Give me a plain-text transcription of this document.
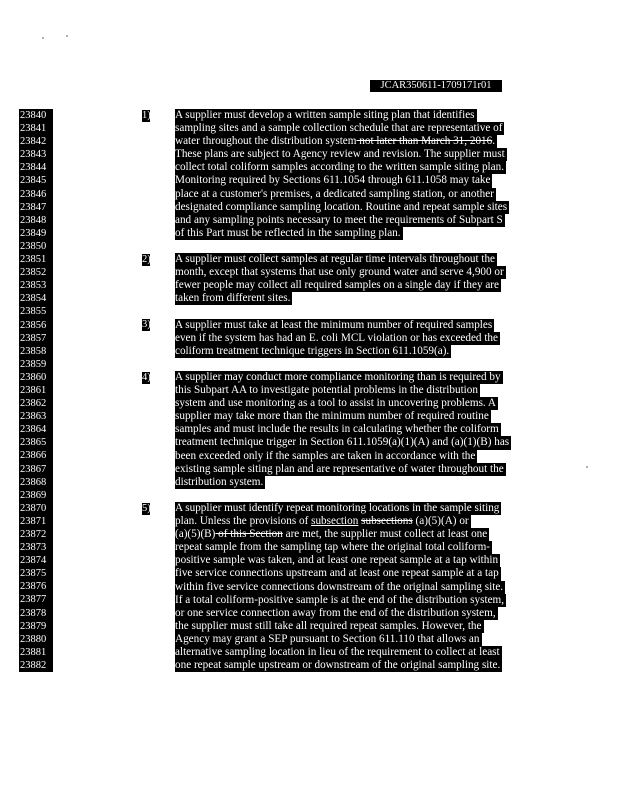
JCAR350611-1709171r01
23840
23841
23842
23843
23844
23845
23846
23847
23848
23849
23850
23851
23852
23853
23854
23855
23856
23857
23858
23859
23860
23861
23862
23863
23864
23865
23866
23867
23868
23869
23870
23871
23872
23873
23874
23875
23876
23877
23878
23879
23880
23881
23882
1) A supplier must develop a written sample siting plan that identifies
sampling sites and a sample collection schedule that are representative of
water throughout the distribution system not later than March 31, 2016.
These plans are subject to Agency review and revision. The supplier must
collect total coliform samples according to the written sample siting plan.
Monitoring required by Sections 611.1054 through 611.1058 may take
place at a customer's premises, a dedicated sampling station, or another
designated compliance sampling location. Routine and repeat sample sites
and any sampling points necessary to meet the requirements of Subpart S
of this Part must be reflected in the sampling plan.
2) A supplier must collect samples at regular time intervals throughout the
month, except that systems that use only ground water and serve 4,900 or
fewer people may collect all required samples on a single day if they are
taken from different sites.
3) A supplier must take at least the minimum number of required samples
even if the system has had an E. coli MCL violation or has exceeded the
coliform treatment technique triggers in Section 611.1059(a).
4) A supplier may conduct more compliance monitoring than is required by
this Subpart AA to investigate potential problems in the distribution
system and use monitoring as a tool to assist in uncovering problems. A
supplier may take more than the minimum number of required routine
samples and must include the results in calculating whether the coliform
treatment technique trigger in Section 611.1059(a)(1)(A) and (a)(1)(B) has
been exceeded only if the samples are taken in accordance with the
existing sample siting plan and are representative of water throughout the
distribution system.
5) A supplier must identify repeat monitoring locations in the sample siting
plan. Unless the provisions of subsection subsections (a)(5)(A) or
(a)(5)(B) of this Section are met, the supplier must collect at least one
repeat sample from the sampling tap where the original total coliform-
positive sample was taken, and at least one repeat sample at a tap within
five service connections upstream and at least one repeat sample at a tap
within five service connections downstream of the original sampling site.
If a total coliform-positive sample is at the end of the distribution system,
or one service connection away from the end of the distribution system,
the supplier must still take all required repeat samples. However, the
Agency may grant a SEP pursuant to Section 611.110 that allows an
alternative sampling location in lieu of the requirement to collect at least
one repeat sample upstream or downstream of the original sampling site.
